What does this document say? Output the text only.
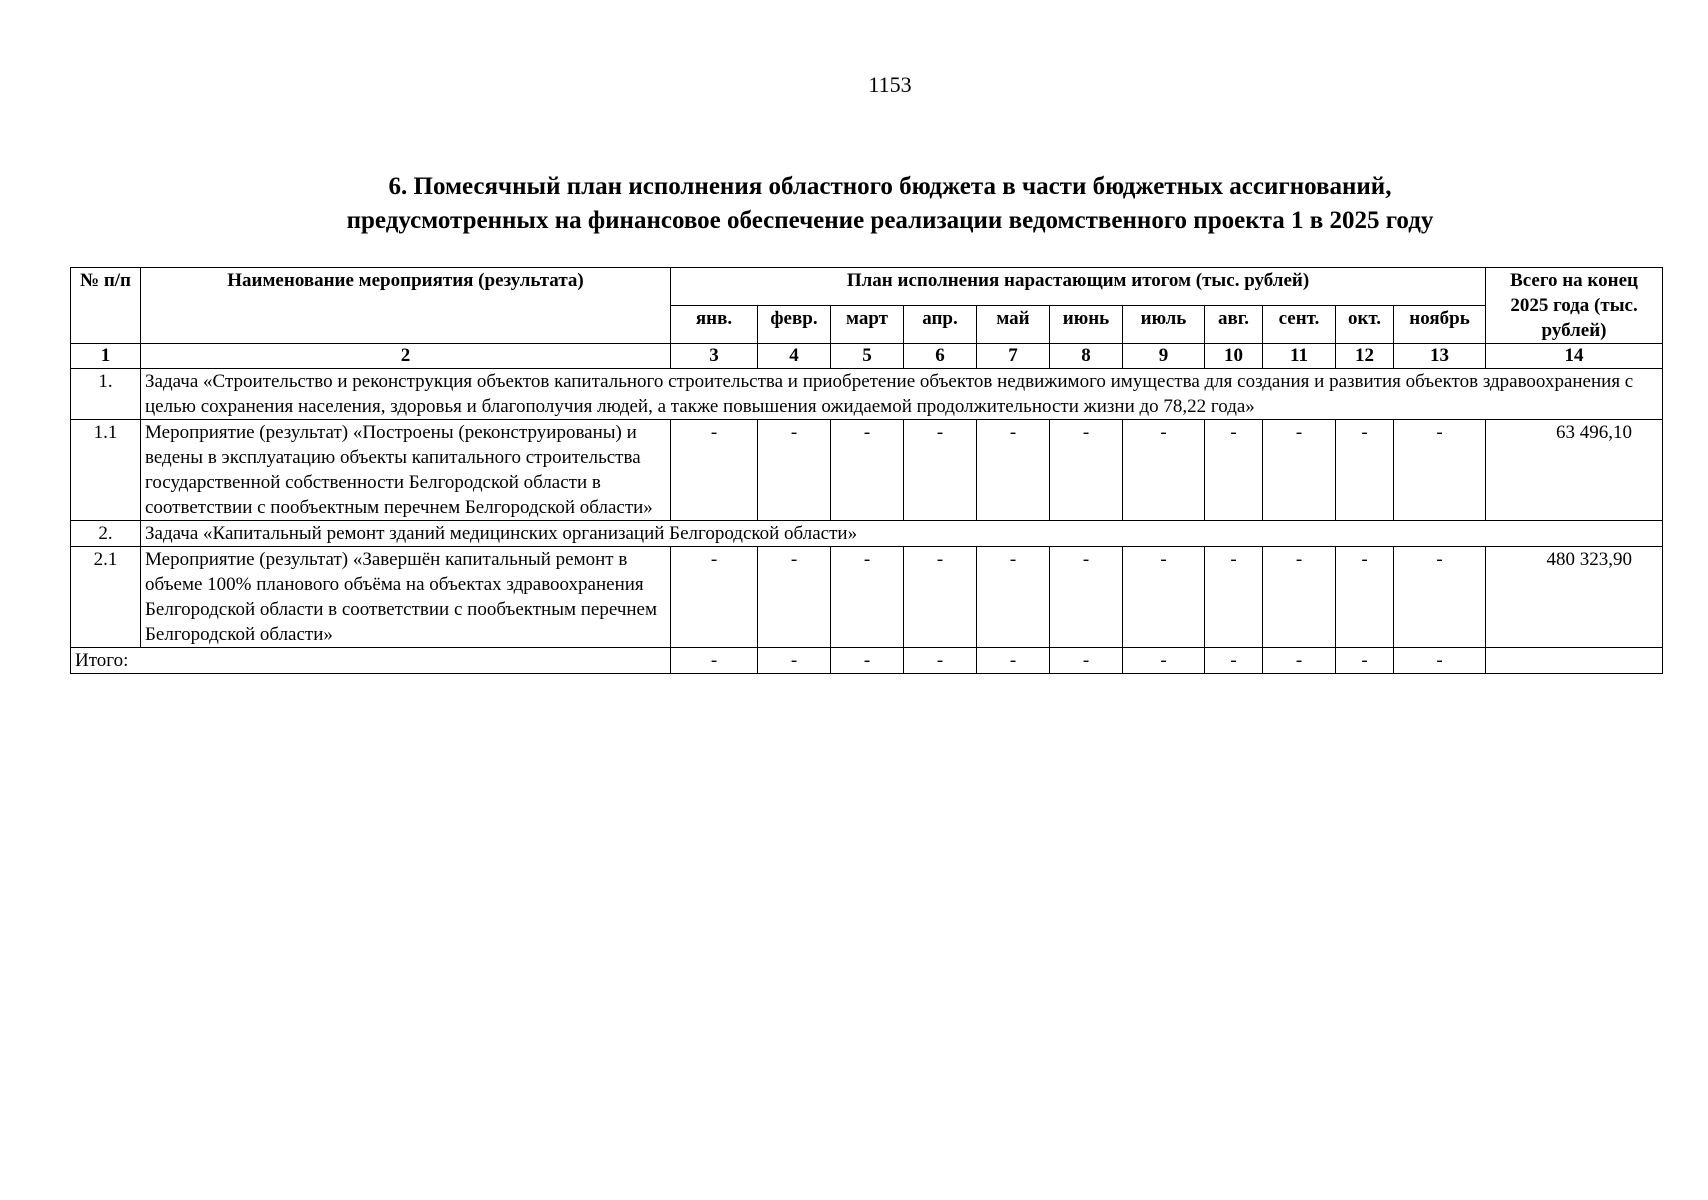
1153
6. Помесячный план исполнения областного бюджета в части бюджетных ассигнований,
предусмотренных на финансовое обеспечение реализации ведомственного проекта 1 в 2025 году
№ п/п	Наименование мероприятия (результата)	План исполнения нарастающим итогом (тыс. рублей)											Всего на конец 2025 года (тыс. рублей)
		янв.	февр.	март	апр.	май	июнь	июль	авг.	сент.	окт.	ноябрь	
1	2	3	4	5	6	7	8	9	10	11	12	13	14
1.	Задача «Строительство и реконструкция объектов капитального строительства и приобретение объектов недвижимого имущества для создания и развития объектов здравоохранения с целью сохранения населения, здоровья и благополучия людей, а также повышения ожидаемой продолжительности жизни до 78,22 года»												
1.1	Мероприятие (результат) «Построены (реконструированы) и ведены в эксплуатацию объекты капитального строительства государственной собственности Белгородской области в соответствии с пообъектным перечнем Белгородской области»	-	-	-	-	-	-	-	-	-	-	-	63 496,10
2.	Задача «Капитальный ремонт зданий медицинских организаций Белгородской области»												
2.1	Мероприятие (результат) «Завершён капитальный ремонт в объеме 100% планового объёма на объектах здравоохранения Белгородской области в соответствии с пообъектным перечнем Белгородской области»	-	-	-	-	-	-	-	-	-	-	-	480 323,90
Итого:		-	-	-	-	-	-	-	-	-	-	-	
